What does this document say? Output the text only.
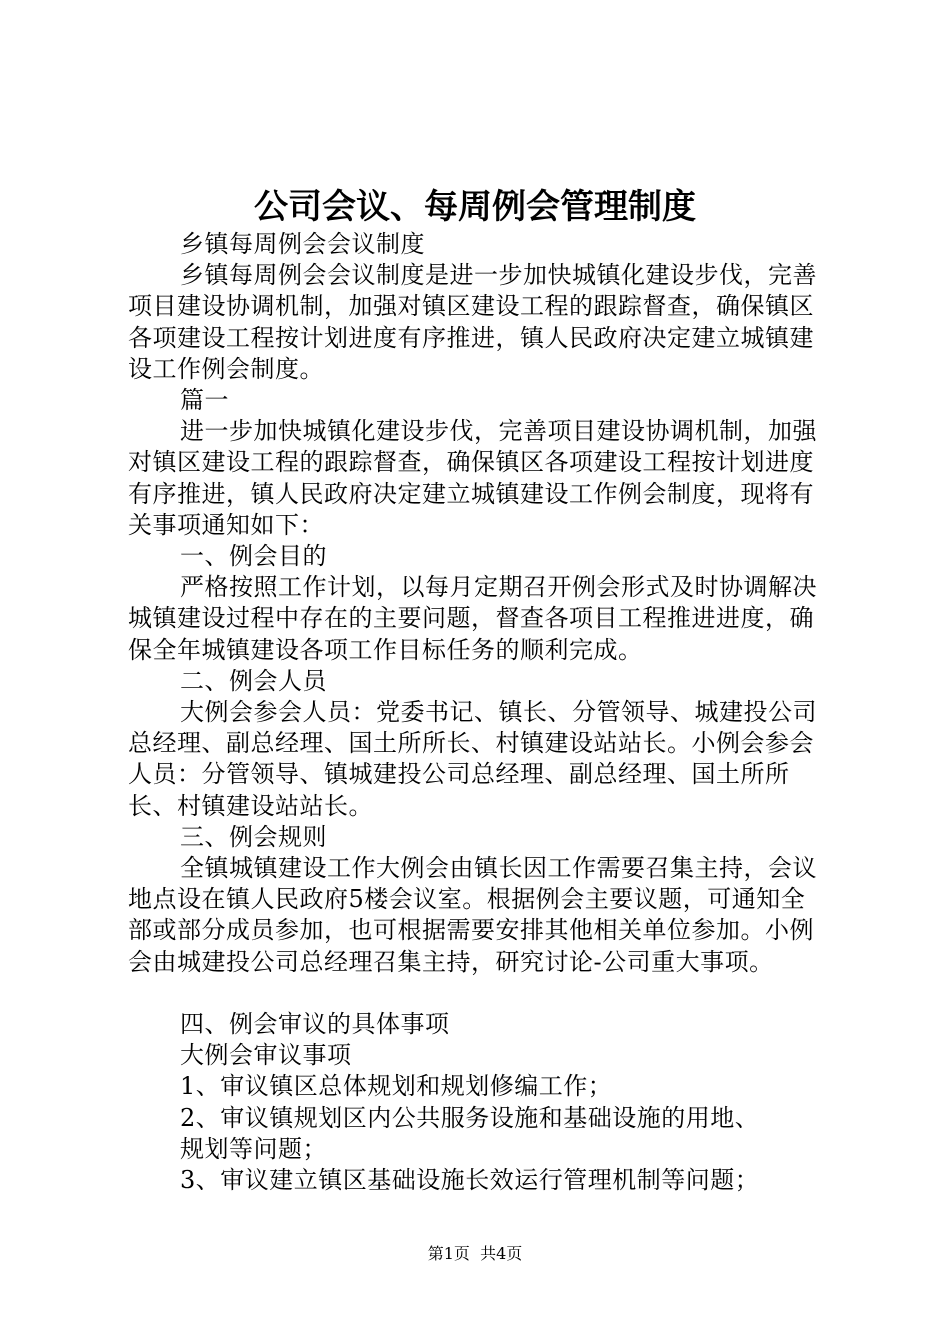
公司会议、每周例会管理制度

乡镇每周例会会议制度

乡镇每周例会会议制度是进一步加快城镇化建设步伐，完善项目建设协调机制，加强对镇区建设工程的跟踪督查，确保镇区各项建设工程按计划进度有序推进，镇人民政府决定建立城镇建设工作例会制度。

篇一

进一步加快城镇化建设步伐，完善项目建设协调机制，加强对镇区建设工程的跟踪督查，确保镇区各项建设工程按计划进度有序推进，镇人民政府决定建立城镇建设工作例会制度，现将有关事项通知如下：

一、例会目的

严格按照工作计划，以每月定期召开例会形式及时协调解决城镇建设过程中存在的主要问题，督查各项目工程推进进度，确保全年城镇建设各项工作目标任务的顺利完成。

二、例会人员

大例会参会人员：党委书记、镇长、分管领导、城建投公司总经理、副总经理、国土所所长、村镇建设站站长。小例会参会人员：分管领导、镇城建投公司总经理、副总经理、国土所所长、村镇建设站站长。

三、例会规则

全镇城镇建设工作大例会由镇长因工作需要召集主持，会议地点设在镇人民政府5楼会议室。根据例会主要议题，可通知全部或部分成员参加，也可根据需要安排其他相关单位参加。小例会由城建投公司总经理召集主持，研究讨论-公司重大事项。

四、例会审议的具体事项

大例会审议事项

1、审议镇区总体规划和规划修编工作；

2、审议镇规划区内公共服务设施和基础设施的用地、

规划等问题；

3、审议建立镇区基础设施长效运行管理机制等问题；

第1页 共4页
